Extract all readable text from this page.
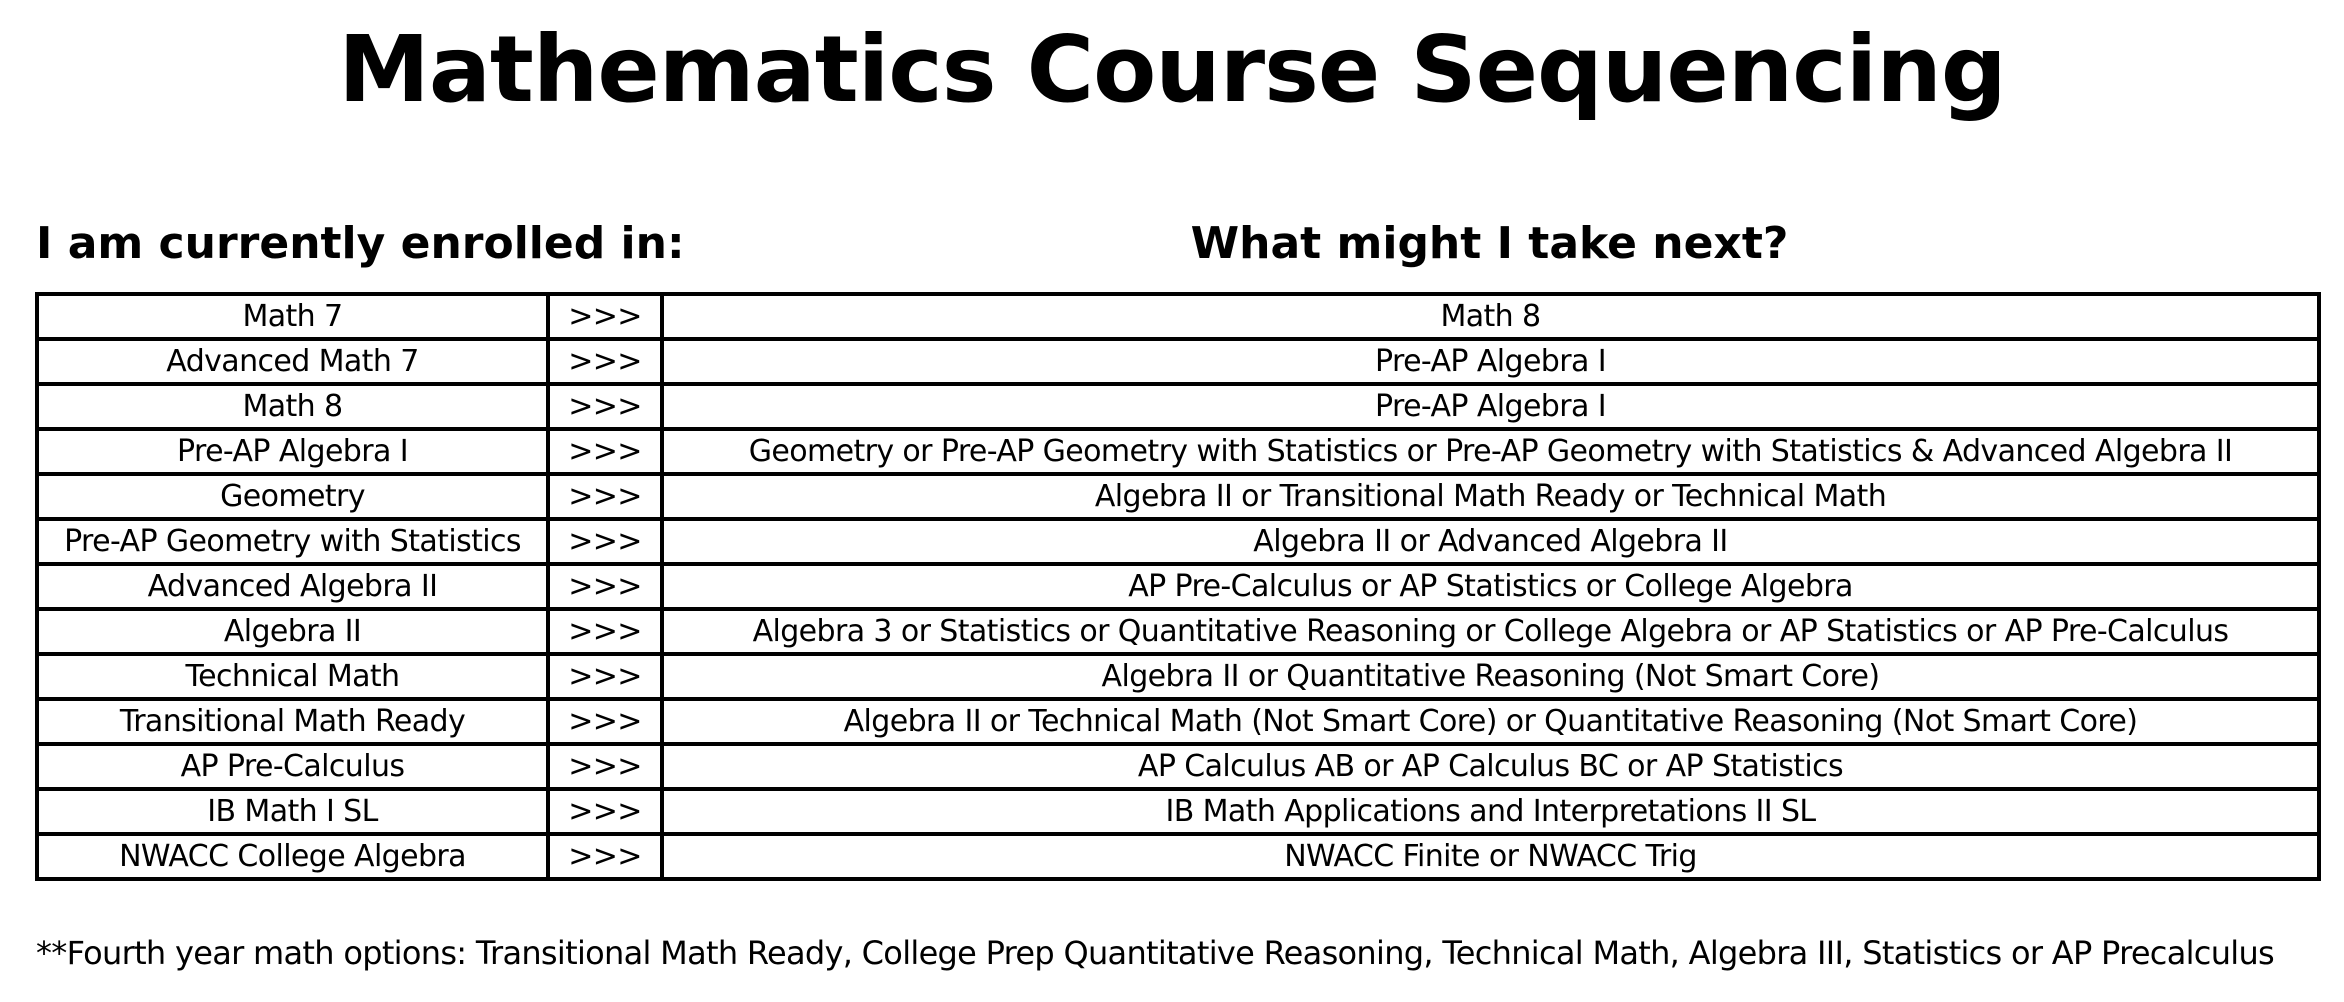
Mathematics Course Sequencing
I am currently enrolled in:	What might I take next?
Math 7	>>>	Math 8
Advanced Math 7	>>>	Pre-AP Algebra I
Math 8	>>>	Pre-AP Algebra I
Pre-AP Algebra I	>>>	Geometry or Pre-AP Geometry with Statistics or Pre-AP Geometry with Statistics & Advanced Algebra II
Geometry	>>>	Algebra II or Transitional Math Ready or Technical Math
Pre-AP Geometry with Statistics	>>>	Algebra II or Advanced Algebra II
Advanced Algebra II	>>>	AP Pre-Calculus or AP Statistics or College Algebra
Algebra II	>>>	Algebra 3 or Statistics or Quantitative Reasoning or College Algebra or AP Statistics or AP Pre-Calculus
Technical Math	>>>	Algebra II or Quantitative Reasoning (Not Smart Core)
Transitional Math Ready	>>>	Algebra II or Technical Math (Not Smart Core) or Quantitative Reasoning (Not Smart Core)
AP Pre-Calculus	>>>	AP Calculus AB or AP Calculus BC or AP Statistics
IB Math I SL	>>>	IB Math Applications and Interpretations II SL
NWACC College Algebra	>>>	NWACC Finite or NWACC Trig

**Fourth year math options: Transitional Math Ready, College Prep Quantitative Reasoning, Technical Math, Algebra III, Statistics or AP Precalculus
